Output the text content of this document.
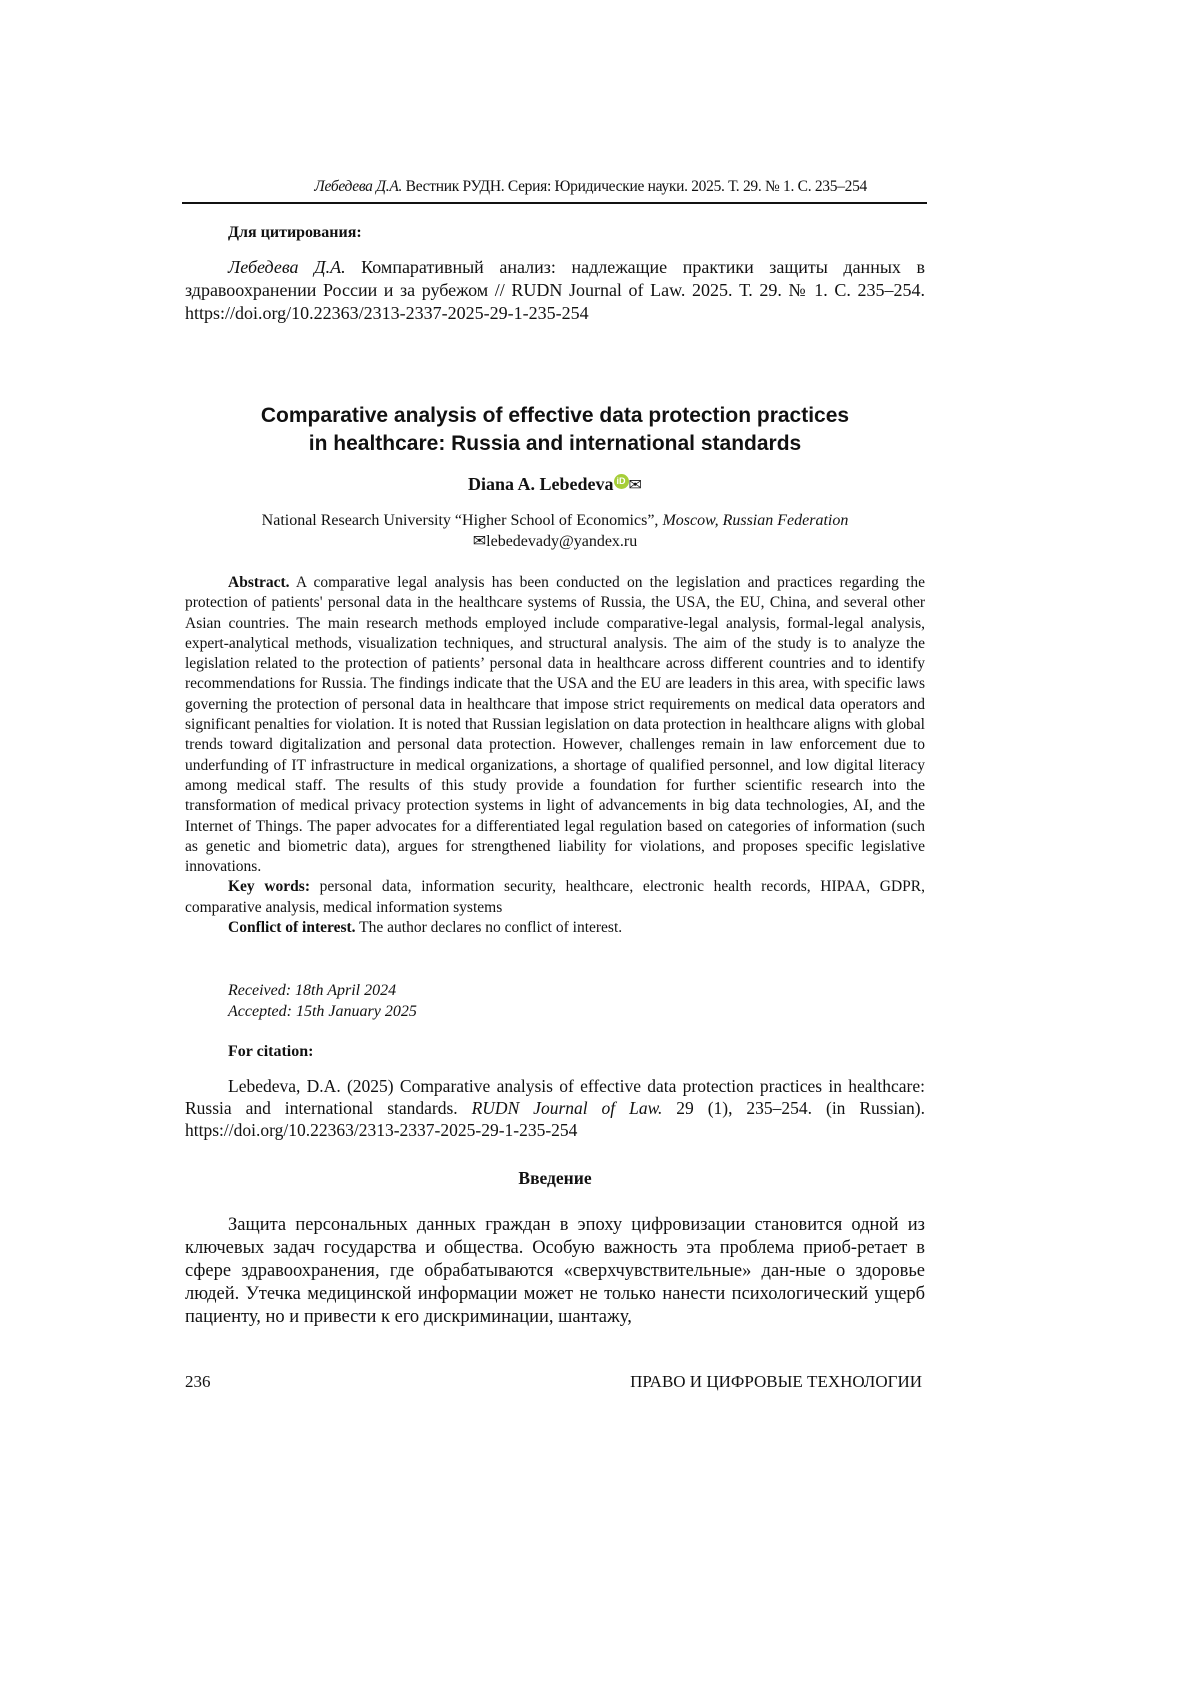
Лебедева Д.А. Вестник РУДН. Серия: Юридические науки. 2025. Т. 29. № 1. С. 235–254
Для цитирования:
Лебедева Д.А. Компаративный анализ: надлежащие практики защиты данных в здравоохранении России и за рубежом // RUDN Journal of Law. 2025. Т. 29. № 1. С. 235–254. https://doi.org/10.22363/2313-2337-2025-29-1-235-254
Comparative analysis of effective data protection practices
in healthcare: Russia and international standards
Diana A. Lebedeva iD ✉
National Research University “Higher School of Economics”, Moscow, Russian Federation
✉lebedevady@yandex.ru

Abstract. A comparative legal analysis has been conducted on the legislation and practices regarding the protection of patients' personal data in the healthcare systems of Russia, the USA, the EU, China, and several other Asian countries. The main research methods employed include comparative-legal analysis, formal-legal analysis, expert-analytical methods, visualization techniques, and structural analysis. The aim of the study is to analyze the legislation related to the protection of patients’ personal data in healthcare across different countries and to identify recommendations for Russia. The findings indicate that the USA and the EU are leaders in this area, with specific laws governing the protection of personal data in healthcare that impose strict requirements on medical data operators and significant penalties for violation. It is noted that Russian legislation on data protection in healthcare aligns with global trends toward digitalization and personal data protection. However, challenges remain in law enforcement due to underfunding of IT infrastructure in medical organizations, a shortage of qualified personnel, and low digital literacy among medical staff. The results of this study provide a foundation for further scientific research into the transformation of medical privacy protection systems in light of advancements in big data technologies, AI, and the Internet of Things. The paper advocates for a differentiated legal regulation based on categories of information (such as genetic and biometric data), argues for strengthened liability for violations, and proposes specific legislative innovations.

Key words: personal data, information security, healthcare, electronic health records, HIPAA, GDPR, comparative analysis, medical information systems

Conflict of interest. The author declares no conflict of interest.

Received: 18th April 2024
Accepted: 15th January 2025
For citation:
Lebedeva, D.A. (2025) Comparative analysis of effective data protection practices in healthcare: Russia and international standards. RUDN Journal of Law. 29 (1), 235–254. (in Russian). https://doi.org/10.22363/2313-2337-2025-29-1-235-254
Введение
Защита персональных данных граждан в эпоху цифровизации становится одной из ключевых задач государства и общества. Особую важность эта проблема приоб-ретает в сфере здравоохранения, где обрабатываются «сверхчувствительные» дан-ные о здоровье людей. Утечка медицинской информации может не только нанести психологический ущерб пациенту, но и привести к его дискриминации, шантажу,
236	ПРАВО И ЦИФРОВЫЕ ТЕХНОЛОГИИ
